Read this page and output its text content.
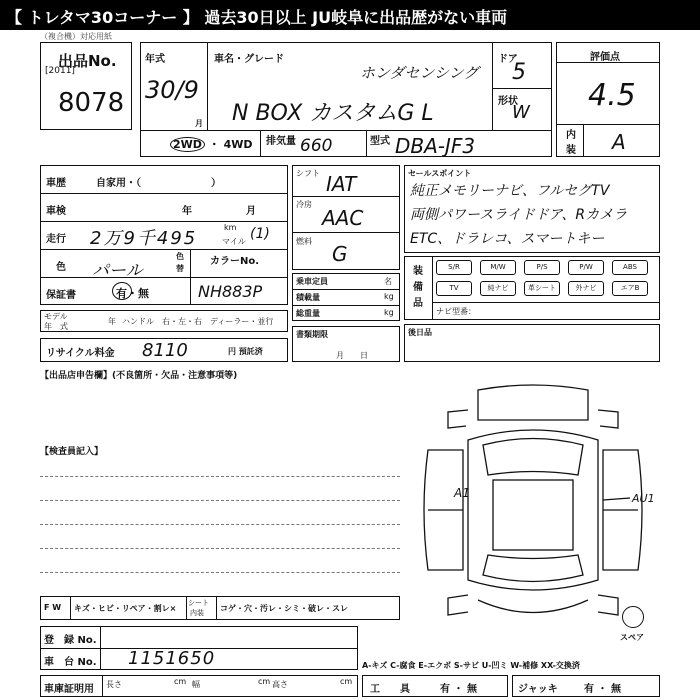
【 トレタマ30コーナー 】 過去30日以上 JU岐阜に出品歴がない車両
（複合機）対応用紙
出品No.
[2011]
8078
年式
30/9
月
車名・グレード
ホンダセンシング
N BOX カスタムG L
ドア
5
形状
W
2WD ・ 4WD 排気量 660	型式 DBA-JF3
評価点
4.5
内
装 A
車歴	自家用・（　　　　　　　）
車検	年	月
走行 2万9千495
km
マイル (1)
色 パール
色
替
カラーNo.
保証書	有・無	NH883P
モデル
年　式
年 ハンドル　右・左・右 ディーラー・並行
リサイクル料金 8110	円 預託済
シフト IAT
冷房
AAC
燃料
G
乗車定員	名
積載量	kg
総重量	kg
書類期限
月　　日
セールスポイント
純正メモリーナビ、フルセグTV
両側パワースライドドア、Rカメラ
ETC、ドラレコ、スマートキー
装
備
品
S/R	M/W	P/S	P/W	ABS
TV	純ナビ	革シート	外ナビ	エアB
ナビ型番：
後日品
【出品店申告欄】(不良箇所・欠品・注意事項等)
【検査員記入】
A1	AU1
スペア
F W キズ・ヒビ・リペア・割レ×
シート
内装 コゲ・穴・汚レ・シミ・破レ・スレ
登　録 No.
車　台 No. 1151650	A-キズ C-腐食 E-エクボ S-サビ U-凹ミ W-補修 XX-交換済
車庫証明用 長さ	cm 幅	cm 高さ	cm
工　　具	有 ・ 無	ジャッキ	有 ・ 無
